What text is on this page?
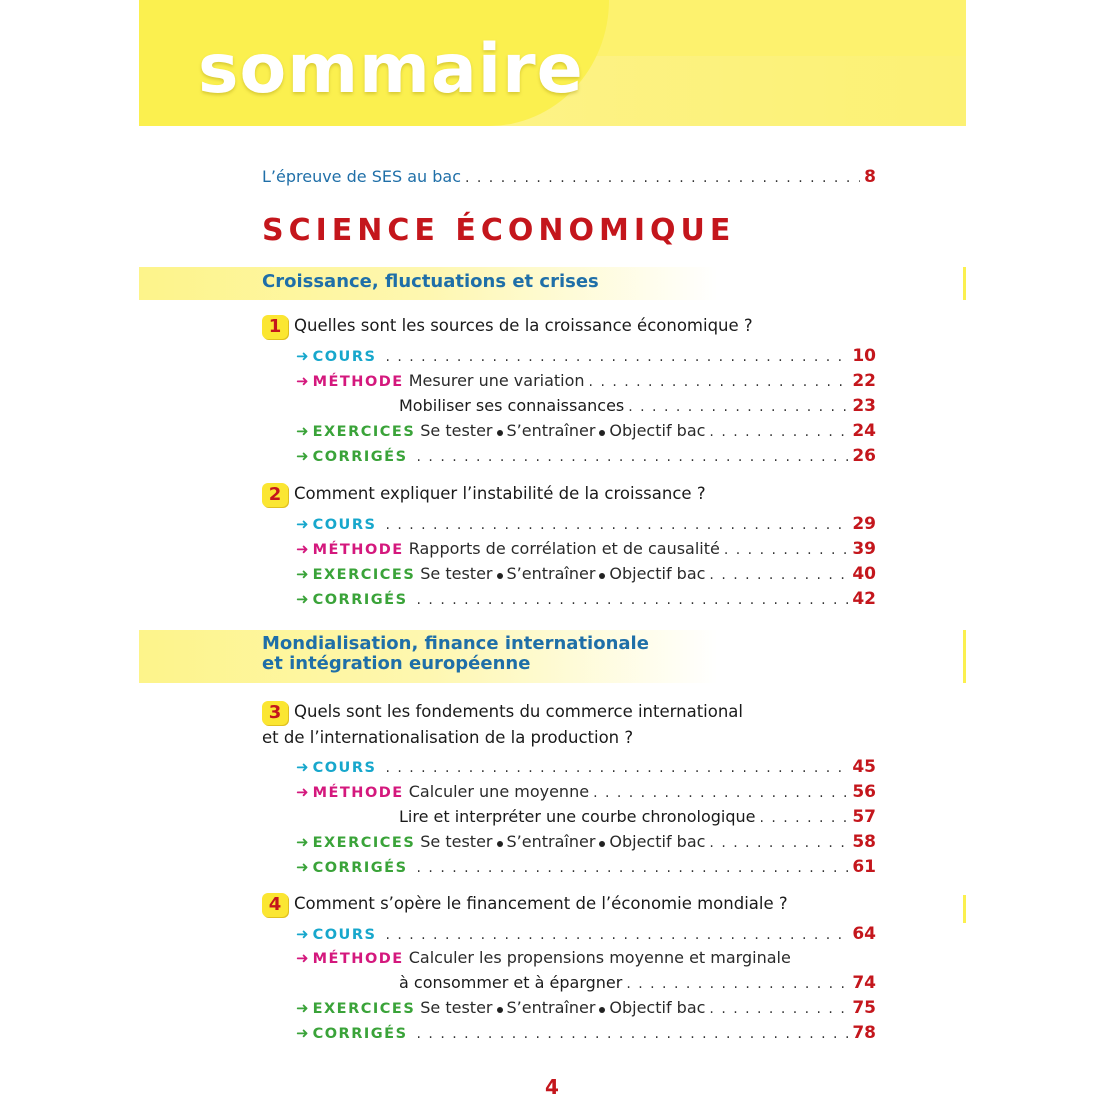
sommaire
L’épreuve de SES au bac . . .	8
SCIENCE ÉCONOMIQUE
Croissance, fluctuations et crises
1 Quelles sont les sources de la croissance économique ?
➜ COURS . . .	10
➜ MÉTHODE Mesurer une variation . . .	22
Mobiliser ses connaissances . . .	23
➜ EXERCICES Se tester S’entraîner Objectif bac . . .	24
➜ CORRIGÉS . . .	26
2 Comment expliquer l’instabilité de la croissance ?
➜ COURS . . .	29
➜ MÉTHODE Rapports de corrélation et de causalité . . .	39
➜ EXERCICES Se tester S’entraîner Objectif bac . . .	40
➜ CORRIGÉS . . .	42
Mondialisation, finance internationale
et intégration européenne
3 Quels sont les fondements du commerce international
et de l’internationalisation de la production ?
➜ COURS . . .	45
➜ MÉTHODE Calculer une moyenne . . .	56
Lire et interpréter une courbe chronologique . . .	57
➜ EXERCICES Se tester S’entraîner Objectif bac . . .	58
➜ CORRIGÉS . . .	61
4 Comment s’opère le financement de l’économie mondiale ?
➜ COURS . . .	64
➜ MÉTHODE Calculer les propensions moyenne et marginale
à consommer et à épargner . . .	74
➜ EXERCICES Se tester S’entraîner Objectif bac . . .	75
➜ CORRIGÉS . . .	78
4
